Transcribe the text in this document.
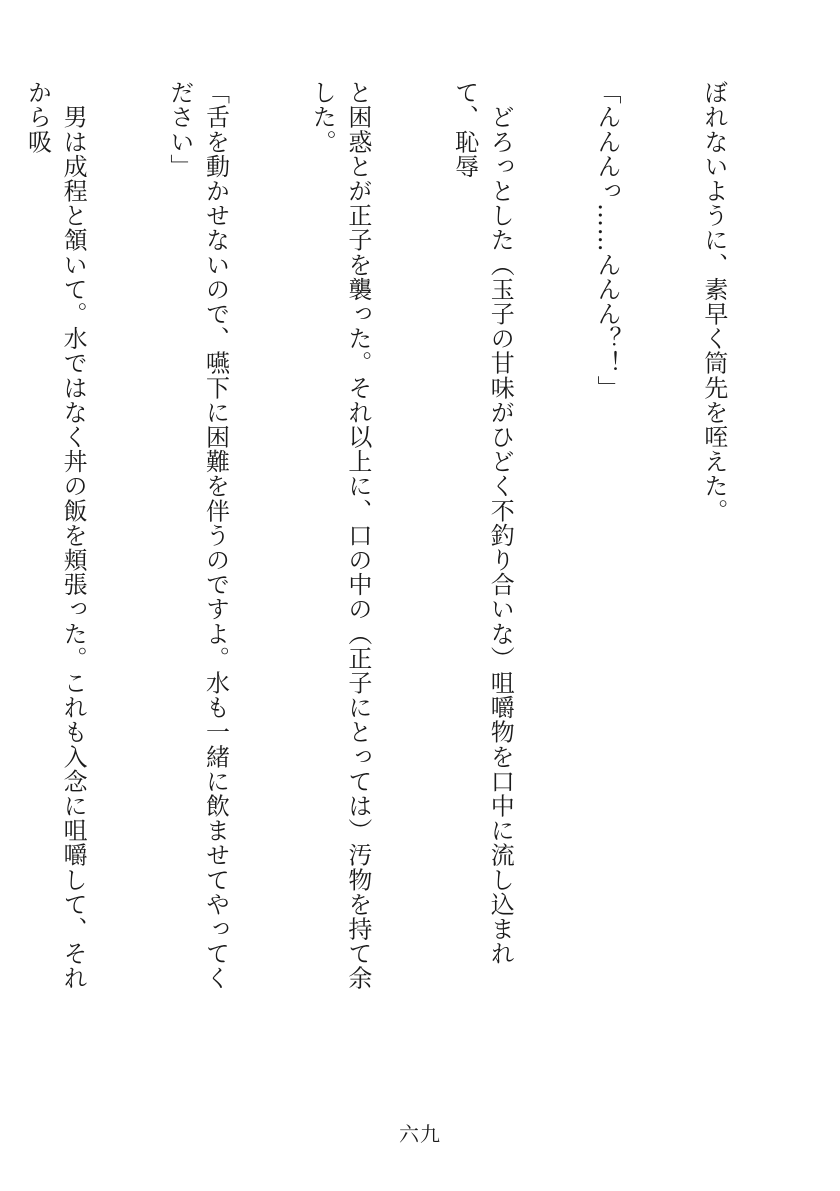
ぼれないように、素早く筒先を咥えた。

「んんんっ……んんん？！」

　どろっとした（玉子の甘味がひどく不釣り合いな）咀嚼物を口中に流し込まれて、恥辱

と困惑とが正子を襲った。それ以上に、口の中の（正子にとっては）汚物を持て余した。

「舌を動かせないので、嚥下に困難を伴うのですよ。水も一緒に飲ませてやってください」

　男は成程と頷いて。水ではなく丼の飯を頬張った。これも入念に咀嚼して、それから吸

六九
